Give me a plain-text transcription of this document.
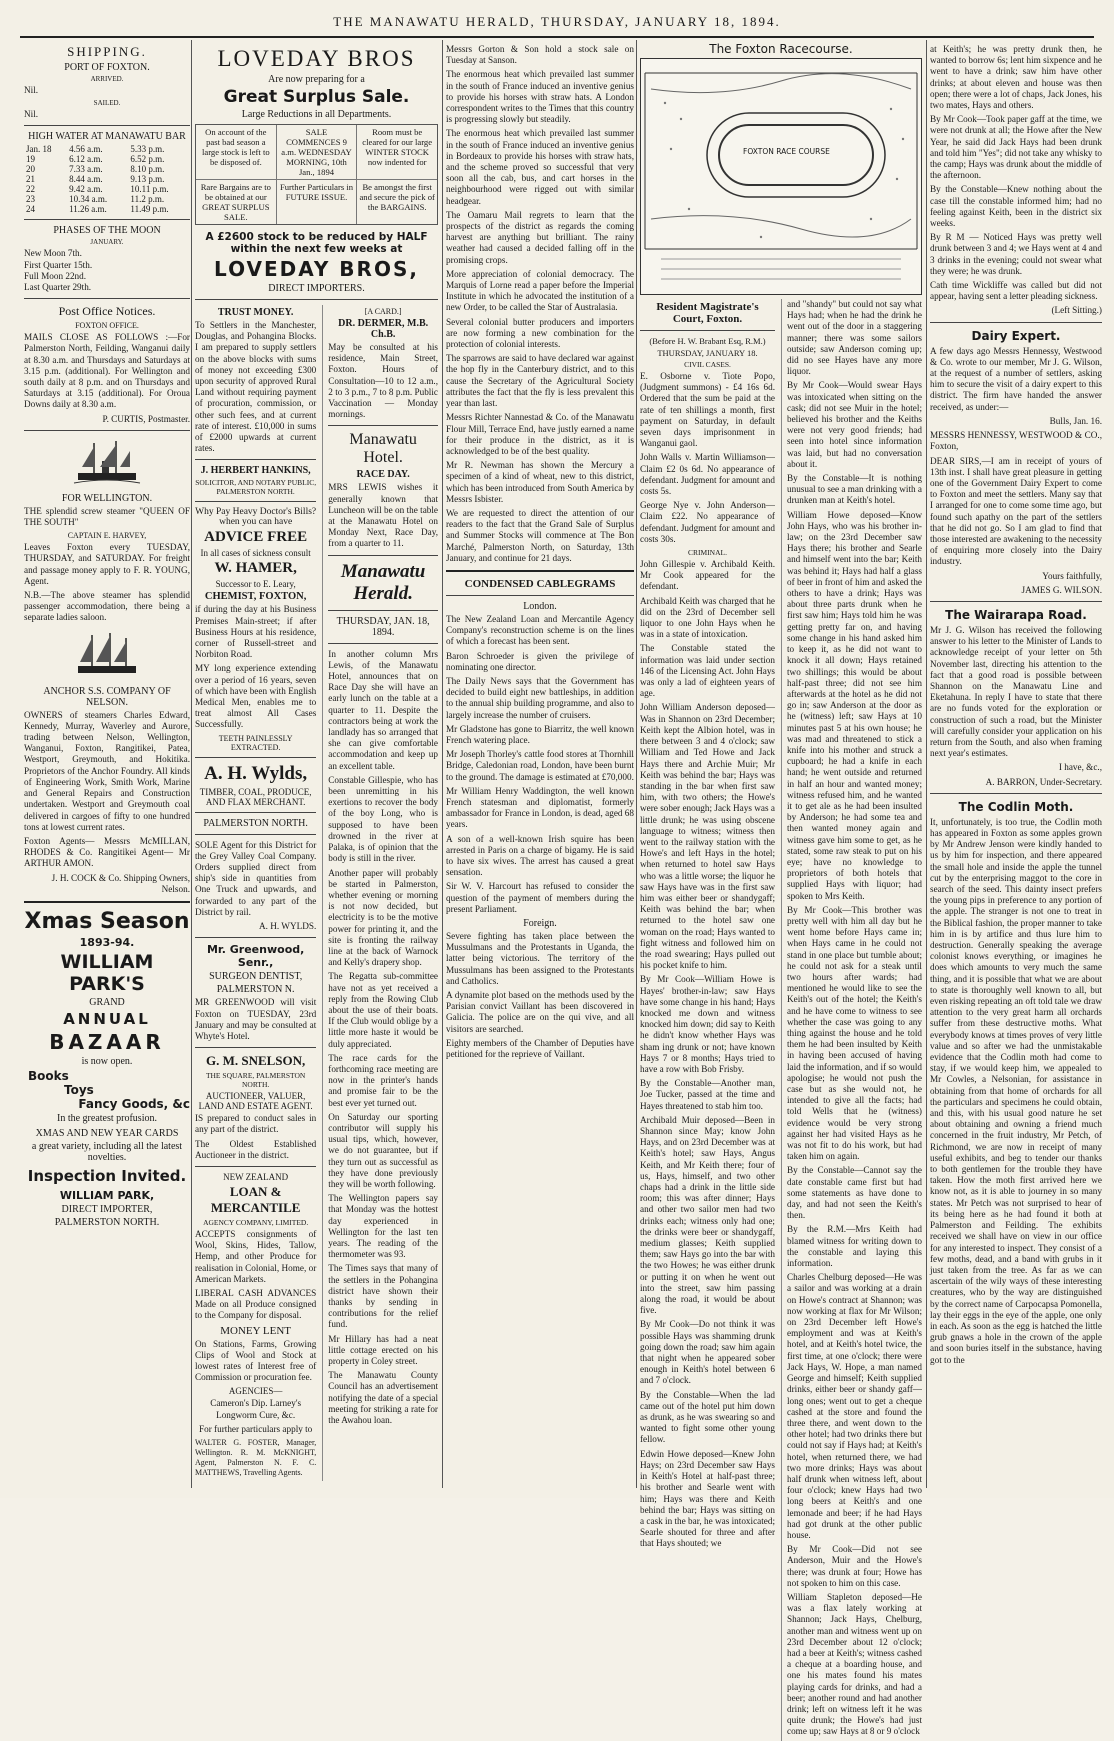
THE MANAWATU HERALD, THURSDAY, JANUARY 18, 1894.
SHIPPING.
PORT OF FOXTON.
ARRIVED.
Nil.
SAILED.
Nil.
HIGH WATER AT MANAWATU BAR
Jan. 18	4.56 a.m.	5.33 p.m.
19	6.12 a.m.	6.52 p.m.
20	7.33 a.m.	8.10 p.m.
21	8.44 a.m.	9.13 p.m.
22	9.42 a.m.	10.11 p.m.
23	10.34 a.m.	11.2 p.m.
24	11.26 a.m.	11.49 p.m.
PHASES OF THE MOON
JANUARY.
New Moon 7th.
First Quarter 15th.
Full Moon 22nd.
Last Quarter 29th.
Post Office Notices.
FOXTON OFFICE.
MAILS CLOSE AS FOLLOWS :—For Palmerston North, Feilding, Wanganui daily at 8.30 a.m. and Thursdays and Saturdays at 3.15 p.m. (additional). For Wellington and south daily at 8 p.m. and on Thursdays and Saturdays at 3.15 (additional). For Oroua Downs daily at 8.30 a.m.
P. CURTIS, Postmaster.
FOR WELLINGTON.
THE splendid screw steamer "QUEEN OF THE SOUTH"
CAPTAIN E. HARVEY,
Leaves Foxton every TUESDAY, THURSDAY, and SATURDAY. For freight and passage money apply to F. R. YOUNG, Agent.
N.B.—The above steamer has splendid passenger accommodation, there being a separate ladies saloon.
ANCHOR S.S. COMPANY OF NELSON.
OWNERS of steamers Charles Edward, Kennedy, Murray, Waverley and Aurore, trading between Nelson, Wellington, Wanganui, Foxton, Rangitikei, Patea, Westport, Greymouth, and Hokitika. Proprietors of the Anchor Foundry. All kinds of Engineering Work, Smith Work, Marine and General Repairs and Construction undertaken. Westport and Greymouth coal delivered in cargoes of fifty to one hundred tons at lowest current rates.
Foxton Agents— Messrs McMILLAN, RHODES & Co. Rangitikei Agent— Mr ARTHUR AMON.
J. H. COCK & Co. Shipping Owners, Nelson.
Xmas Season
1893-94.
WILLIAM PARK'S
GRAND
ANNUAL
BAZAAR
is now open.
Books
Toys
Fancy Goods, &c
In the greatest profusion.
XMAS AND NEW YEAR CARDS
a great variety, including all the latest novelties.
Inspection Invited.
WILLIAM PARK,
DIRECT IMPORTER,
PALMERSTON NORTH.
LOVEDAY BROS
Are now preparing for a
Great Surplus Sale.
Large Reductions in all Departments.
On account of the past bad season a large stock is left to be disposed of.
SALE COMMENCES 9 a.m. WEDNESDAY MORNING, 10th Jan., 1894
Room must be cleared for our large WINTER STOCK now indented for
Rare Bargains are to be obtained at our GREAT SURPLUS SALE.
Further Particulars in FUTURE ISSUE.
Be amongst the first and secure the pick of the BARGAINS.
A £2600 stock to be reduced by HALF within the next few weeks at
LOVEDAY BROS,
DIRECT IMPORTERS.
TRUST MONEY.
To Settlers in the Manchester, Douglas, and Pohangina Blocks. I am prepared to supply settlers on the above blocks with sums of money not exceeding £300 upon security of approved Rural Land without requiring payment of procuration, commission, or other such fees, and at current rate of interest. £10,000 in sums of £2000 upwards at current rates.
J. HERBERT HANKINS,
SOLICITOR, AND NOTARY PUBLIC, PALMERSTON NORTH.
Why Pay Heavy Doctor's Bills? when you can have
ADVICE FREE
In all cases of sickness consult
W. HAMER,
Successor to E. Leary,
CHEMIST, FOXTON,
if during the day at his Business Premises Main-street; if after Business Hours at his residence, corner of Russell-street and Norbiton Road.
MY long experience extending over a period of 16 years, seven of which have been with English Medical Men, enables me to treat almost All Cases Successfully.
TEETH PAINLESSLY EXTRACTED.
A. H. Wylds,
TIMBER, COAL, PRODUCE, AND FLAX MERCHANT.
PALMERSTON NORTH.
SOLE Agent for this District for the Grey Valley Coal Company. Orders supplied direct from ship's side in quantities from One Truck and upwards, and forwarded to any part of the District by rail.
A. H. WYLDS.
Mr. Greenwood, Senr.,
SURGEON DENTIST,
PALMERSTON N.
MR GREENWOOD will visit Foxton on TUESDAY, 23rd January and may be consulted at Whyte's Hotel.
G. M. SNELSON,
THE SQUARE, PALMERSTON NORTH.
AUCTIONEER, VALUER, LAND AND ESTATE AGENT.
IS prepared to conduct sales in any part of the district.
The Oldest Established Auctioneer in the district.
NEW ZEALAND
LOAN & MERCANTILE
AGENCY COMPANY, LIMITED.
ACCEPTS consignments of Wool, Skins, Hides, Tallow, Hemp, and other Produce for realisation in Colonial, Home, or American Markets.
LIBERAL CASH ADVANCES Made on all Produce consigned to the Company for disposal.
MONEY LENT
On Stations, Farms, Growing Clips of Wool and Stock at lowest rates of Interest free of Commission or procuration fee.
AGENCIES—
Cameron's Dip. Larney's Longworm Cure, &c.
For further particulars apply to
WALTER G. FOSTER, Manager, Wellington. R. M. McKNIGHT, Agent, Palmerston N. F. C. MATTHEWS, Travelling Agents.
[A CARD.]
DR. DERMER, M.B. Ch.B.
May be consulted at his residence, Main Street, Foxton. Hours of Consultation—10 to 12 a.m., 2 to 3 p.m., 7 to 8 p.m. Public Vaccination — Monday mornings.
Manawatu Hotel.
RACE DAY.
MRS LEWIS wishes it generally known that Luncheon will be on the table at the Manawatu Hotel on Monday Next, Race Day, from a quarter to 11.
Manawatu Herald.
THURSDAY, JAN. 18, 1894.
In another column Mrs Lewis, of the Manawatu Hotel, announces that on Race Day she will have an early lunch on the table at a quarter to 11. Despite the contractors being at work the landlady has so arranged that she can give comfortable accommodation and keep up an excellent table.
Constable Gillespie, who has been unremitting in his exertions to recover the body of the boy Long, who is supposed to have been drowned in the river at Palaka, is of opinion that the body is still in the river.
Another paper will probably be started in Palmerston, whether evening or morning is not now decided, but electricity is to be the motive power for printing it, and the site is fronting the railway line at the back of Warnock and Kelly's drapery shop.
The Regatta sub-committee have not as yet received a reply from the Rowing Club about the use of their boats. If the Club would oblige by a little more haste it would be duly appreciated.
The race cards for the forthcoming race meeting are now in the printer's hands and promise fair to be the best ever yet turned out.
On Saturday our sporting contributor will supply his usual tips, which, however, we do not guarantee, but if they turn out as successful as they have done previously they will be worth following.
The Wellington papers say that Monday was the hottest day experienced in Wellington for the last ten years. The reading of the thermometer was 93.
The Times says that many of the settlers in the Pohangina district have shown their thanks by sending in contributions for the relief fund.
Mr Hillary has had a neat little cottage erected on his property in Coley street.
The Manawatu County Council has an advertisement notifying the date of a special meeting for striking a rate for the Awahou loan.
Messrs Gorton & Son hold a stock sale on Tuesday at Sanson.
The enormous heat which prevailed last summer in the south of France induced an inventive genius to provide his horses with straw hats. A London correspondent writes to the Times that this country is progressing slowly but steadily.
The enormous heat which prevailed last summer in the south of France induced an inventive genius in Bordeaux to provide his horses with straw hats, and the scheme proved so successful that very soon all the cab, bus, and cart horses in the neighbourhood were rigged out with similar headgear.
The Oamaru Mail regrets to learn that the prospects of the district as regards the coming harvest are anything but brilliant. The rainy weather had caused a decided falling off in the promising crops.
More appreciation of colonial democracy. The Marquis of Lorne read a paper before the Imperial Institute in which he advocated the institution of a new Order, to be called the Star of Australasia.
Several colonial butter producers and importers are now forming a new combination for the protection of colonial interests.
The sparrows are said to have declared war against the hop fly in the Canterbury district, and to this cause the Secretary of the Agricultural Society attributes the fact that the fly is less prevalent this year than last.
Messrs Richter Nannestad & Co. of the Manawatu Flour Mill, Terrace End, have justly earned a name for their produce in the district, as it is acknowledged to be of the best quality.
Mr R. Newman has shown the Mercury a specimen of a kind of wheat, new to this district, which has been introduced from South America by Messrs Isbister.
We are requested to direct the attention of our readers to the fact that the Grand Sale of Surplus and Summer Stocks will commence at The Bon Marché, Palmerston North, on Saturday, 13th January, and continue for 21 days.
CONDENSED CABLEGRAMS
London.
The New Zealand Loan and Mercantile Agency Company's reconstruction scheme is on the lines of which a forecast has been sent.
Baron Schroeder is given the privilege of nominating one director.
The Daily News says that the Government has decided to build eight new battleships, in addition to the annual ship building programme, and also to largely increase the number of cruisers.
Mr Gladstone has gone to Biarritz, the well known French watering place.
Mr Joseph Thorley's cattle food stores at Thornhill Bridge, Caledonian road, London, have been burnt to the ground. The damage is estimated at £70,000.
Mr William Henry Waddington, the well known French statesman and diplomatist, formerly ambassador for France in London, is dead, aged 68 years.
A son of a well-known Irish squire has been arrested in Paris on a charge of bigamy. He is said to have six wives. The arrest has caused a great sensation.
Sir W. V. Harcourt has refused to consider the question of the payment of members during the present Parliament.
Foreign.
Severe fighting has taken place between the Mussulmans and the Protestants in Uganda, the latter being victorious. The territory of the Mussulmans has been assigned to the Protestants and Catholics.
A dynamite plot based on the methods used by the Parisian convict Vaillant has been discovered in Galicia. The police are on the qui vive, and all visitors are searched.
Eighty members of the Chamber of Deputies have petitioned for the reprieve of Vaillant.
The Foxton Racecourse.
FOXTON RACE COURSE
Resident Magistrate's Court, Foxton.
(Before H. W. Brabant Esq, R.M.)
THURSDAY, JANUARY 18.
CIVIL CASES.
E. Osborne v. Tiote Popo, (Judgment summons) - £4 16s 6d. Ordered that the sum be paid at the rate of ten shillings a month, first payment on Saturday, in default seven days imprisonment in Wanganui gaol.
John Walls v. Martin Williamson—Claim £2 0s 6d. No appearance of defendant. Judgment for amount and costs 5s.
George Nye v. John Anderson—Claim £22. No appearance of defendant. Judgment for amount and costs 30s.
CRIMINAL.
John Gillespie v. Archibald Keith. Mr Cook appeared for the defendant.
Archibald Keith was charged that he did on the 23rd of December sell liquor to one John Hays when he was in a state of intoxication.
The Constable stated the information was laid under section 146 of the Licensing Act. John Hays was only a lad of eighteen years of age.
John William Anderson deposed—Was in Shannon on 23rd December; Keith kept the Albion hotel, was in there between 3 and 4 o'clock; saw William and Ted Howe and Jack Hays there and Archie Muir; Mr Keith was behind the bar; Hays was standing in the bar when first saw him, with two others; the Howe's were sober enough; Jack Hays was a little drunk; he was using obscene language to witness; witness then went to the railway station with the Howe's and left Hays in the hotel; when returned to hotel saw Hays who was a little worse; the liquor he saw Hays have was in the first saw him was either beer or shandygaff; Keith was behind the bar; when returned to the hotel saw one woman on the road; Hays wanted to fight witness and followed him on the road swearing; Hays pulled out his pocket knife to him.
By Mr Cook—William Howe is Hayes' brother-in-law; saw Hays have some change in his hand; Hays knocked me down and witness knocked him down; did say to Keith he didn't know whether Hays was sham ing drunk or not; have known Hays 7 or 8 months; Hays tried to have a row with Bob Frisby.
By the Constable—Another man, Joe Tucker, passed at the time and Hayes threatened to stab him too.
Archibald Muir deposed—Been in Shannon since May; know John Hays, and on 23rd December was at Keith's hotel; saw Hays, Angus Keith, and Mr Keith there; four of us, Hays, himself, and two other chaps had a drink in the little side room; this was after dinner; Hays and other two sailor men had two drinks each; witness only had one; the drinks were beer or shandygaff, medium glasses; Keith supplied them; saw Hays go into the bar with the two Howes; he was either drunk or putting it on when he went out into the street, saw him passing along the road, it would be about five.
By Mr Cook—Do not think it was possible Hays was shamming drunk going down the road; saw him again that night when he appeared sober enough in Keith's hotel between 6 and 7 o'clock.
By the Constable—When the lad came out of the hotel put him down as drunk, as he was swearing so and wanted to fight some other young fellow.
Edwin Howe deposed—Knew John Hays; on 23rd December saw Hays in Keith's Hotel at half-past three; his brother and Searle went with him; Hays was there and Keith behind the bar; Hays was sitting on a cask in the bar, he was intoxicated; Searle shouted for three and after that Hays shouted; we
and "shandy" but could not say what Hays had; when he had the drink he went out of the door in a staggering manner; there was some sailors outside; saw Anderson coming up; did no see Hayes have any more liquor.
By Mr Cook—Would swear Hays was intoxicated when sitting on the cask; did not see Muir in the hotel; believed his brother and the Keiths were not very good friends; had seen into hotel since information was laid, but had no conversation about it.
By the Constable—It is nothing unusual to see a man drinking with a drunken man at Keith's hotel.
William Howe deposed—Know John Hays, who was his brother in-law; on the 23rd December saw Hays there; his brother and Searle and himself went into the bar; Keith was behind it; Hays had half a glass of beer in front of him and asked the others to have a drink; Hays was about three parts drunk when he first saw him; Hays told him he was getting pretty far on, and having some change in his hand asked him to keep it, as he did not want to knock it all down; Hays retained two shillings; this would be about half-past three; did not see him afterwards at the hotel as he did not go in; saw Anderson at the door as he (witness) left; saw Hays at 10 minutes past 5 at his own house; he was mad and threatened to stick a knife into his mother and struck a cupboard; he had a knife in each hand; he went outside and returned in half an hour and wanted money; witness refused him, and he wanted it to get ale as he had been insulted by Anderson; he had some tea and then wanted money again and witness gave him some to get, as he stated, some raw steak to put on his eye; have no knowledge to proprietors of both hotels that supplied Hays with liquor; had spoken to Mrs Keith.
By Mr Cook—This brother was pretty well with him all day but he went home before Hays came in; when Hays came in he could not stand in one place but tumble about; he could not ask for a steak until two hours after wards; had mentioned he would like to see the Keith's out of the hotel; the Keith's and he have come to witness to see whether the case was going to any thing against the house and he told them he had been insulted by Keith in having been accused of having laid the information, and if so would apologise; he would not push the case but as she would not, he intended to give all the facts; had told Wells that he (witness) evidence would be very strong against her had visited Hays as he was not fit to do his work, but had taken him on again.
By the Constable—Cannot say the date constable came first but had some statements as have done to day, and had not seen the Keith's then.
By the R.M.—Mrs Keith had blamed witness for writing down to the constable and laying this information.
Charles Chelburg deposed—He was a sailor and was working at a drain on Howe's contract at Shannon; was now working at flax for Mr Wilson; on 23rd December left Howe's employment and was at Keith's hotel, and at Keith's hotel twice, the first time, at one o'clock; there were Jack Hays, W. Hope, a man named George and himself; Keith supplied drinks, either beer or shandy gaff—long ones; went out to get a cheque cashed at the store and found the three there, and went down to the other hotel; had two drinks there but could not say if Hays had; at Keith's hotel, when returned there, we had two more drinks; Hays was about half drunk when witness left, about four o'clock; knew Hays had two long beers at Keith's and one lemonade and beer; if he had Hays had got drunk at the other public house.
By Mr Cook—Did not see Anderson, Muir and the Howe's there; was drunk at four; Howe has not spoken to him on this case.
William Stapleton deposed—He was a flax lately working at Shannon; Jack Hays, Chelburg, another man and witness went up on 23rd December about 12 o'clock; had a beer at Keith's; witness cashed a cheque at a boarding house, and one his mates found his mates playing cards for drinks, and had a beer; another round and had another drink; left on witness left it he was quite drunk; the Howe's had just come up; saw Hays at 8 or 9 o'clock
at Keith's; he was pretty drunk then, he wanted to borrow 6s; lent him sixpence and he went to have a drink; saw him have other drinks; at about eleven and house was then open; there were a lot of chaps, Jack Jones, his two mates, Hays and others.
By Mr Cook—Took paper gaff at the time, we were not drunk at all; the Howe after the New Year, he said did Jack Hays had been drunk and told him "Yes"; did not take any whisky to the camp; Hays was drunk about the middle of the afternoon.
By the Constable—Knew nothing about the case till the constable informed him; had no feeling against Keith, been in the district six weeks.
By R M — Noticed Hays was pretty well drunk between 3 and 4; we Hays went at 4 and 3 drinks in the evening; could not swear what they were; he was drunk.
Cath time Wickliffe was called but did not appear, having sent a letter pleading sickness.
(Left Sitting.)
Dairy Expert.
A few days ago Messrs Hennessy, Westwood & Co. wrote to our member, Mr J. G. Wilson, at the request of a number of settlers, asking him to secure the visit of a dairy expert to this district. The firm have handed the answer received, as under:—
Bulls, Jan. 16.
MESSRS HENNESSY, WESTWOOD & CO., Foxton,
DEAR SIRS,—I am in receipt of yours of 13th inst. I shall have great pleasure in getting one of the Government Dairy Expert to come to Foxton and meet the settlers. Many say that I arranged for one to come some time ago, but found such apathy on the part of the settlers that he did not go. So I am glad to find that those interested are awakening to the necessity of enquiring more closely into the Dairy industry.
Yours faithfully,
JAMES G. WILSON.
The Wairarapa Road.
Mr J. G. Wilson has received the following answer to his letter to the Minister of Lands to acknowledge receipt of your letter on 5th November last, directing his attention to the fact that a good road is possible between Shannon on the Manawatu Line and Eketahuna. In reply I have to state that there are no funds voted for the exploration or construction of such a road, but the Minister will carefully consider your application on his return from the South, and also when framing next year's estimates.
I have, &c.,
A. BARRON, Under-Secretary.
The Codlin Moth.
It, unfortunately, is too true, the Codlin moth has appeared in Foxton as some apples grown by Mr Andrew Jenson were kindly handed to us by him for inspection, and there appeared the small hole and inside the apple the tunnel cut by the enterprising maggot to the core in search of the seed. This dainty insect prefers the young pips in preference to any portion of the apple. The stranger is not one to treat in the Biblical fashion, the proper manner to take him in is by artifice and thus lure him to destruction. Generally speaking the average colonist knows everything, or imagines he does which amounts to very much the same thing, and it is possible that what we are about to state is thoroughly well known to all, but even risking repeating an oft told tale we draw attention to the very great harm all orchards suffer from these destructive moths. What everybody knows at times proves of very little value and so after we had the unmistakable evidence that the Codlin moth had come to stay, if we would keep him, we appealed to Mr Cowles, a Nelsonian, for assistance in obtaining from that home of orchards for all the particulars and specimens he could obtain, and this, with his usual good nature he set about obtaining and owning a friend much concerned in the fruit industry, Mr Petch, of Richmond, we are now in receipt of many useful exhibits, and beg to tender our thanks to both gentlemen for the trouble they have taken. How the moth first arrived here we know not, as it is able to journey in so many states. Mr Petch was not surprised to hear of its being here as he had found it both at Palmerston and Feilding. The exhibits received we shall have on view in our office for any interested to inspect. They consist of a few moths, dead, and a band with grubs in it just taken from the tree. As far as we can ascertain of the wily ways of these interesting creatures, who by the way are distinguished by the correct name of Carpocapsa Pomonella, lay their eggs in the eye of the apple, one only in each. As soon as the egg is hatched the little grub gnaws a hole in the crown of the apple and soon buries itself in the substance, having got to the
